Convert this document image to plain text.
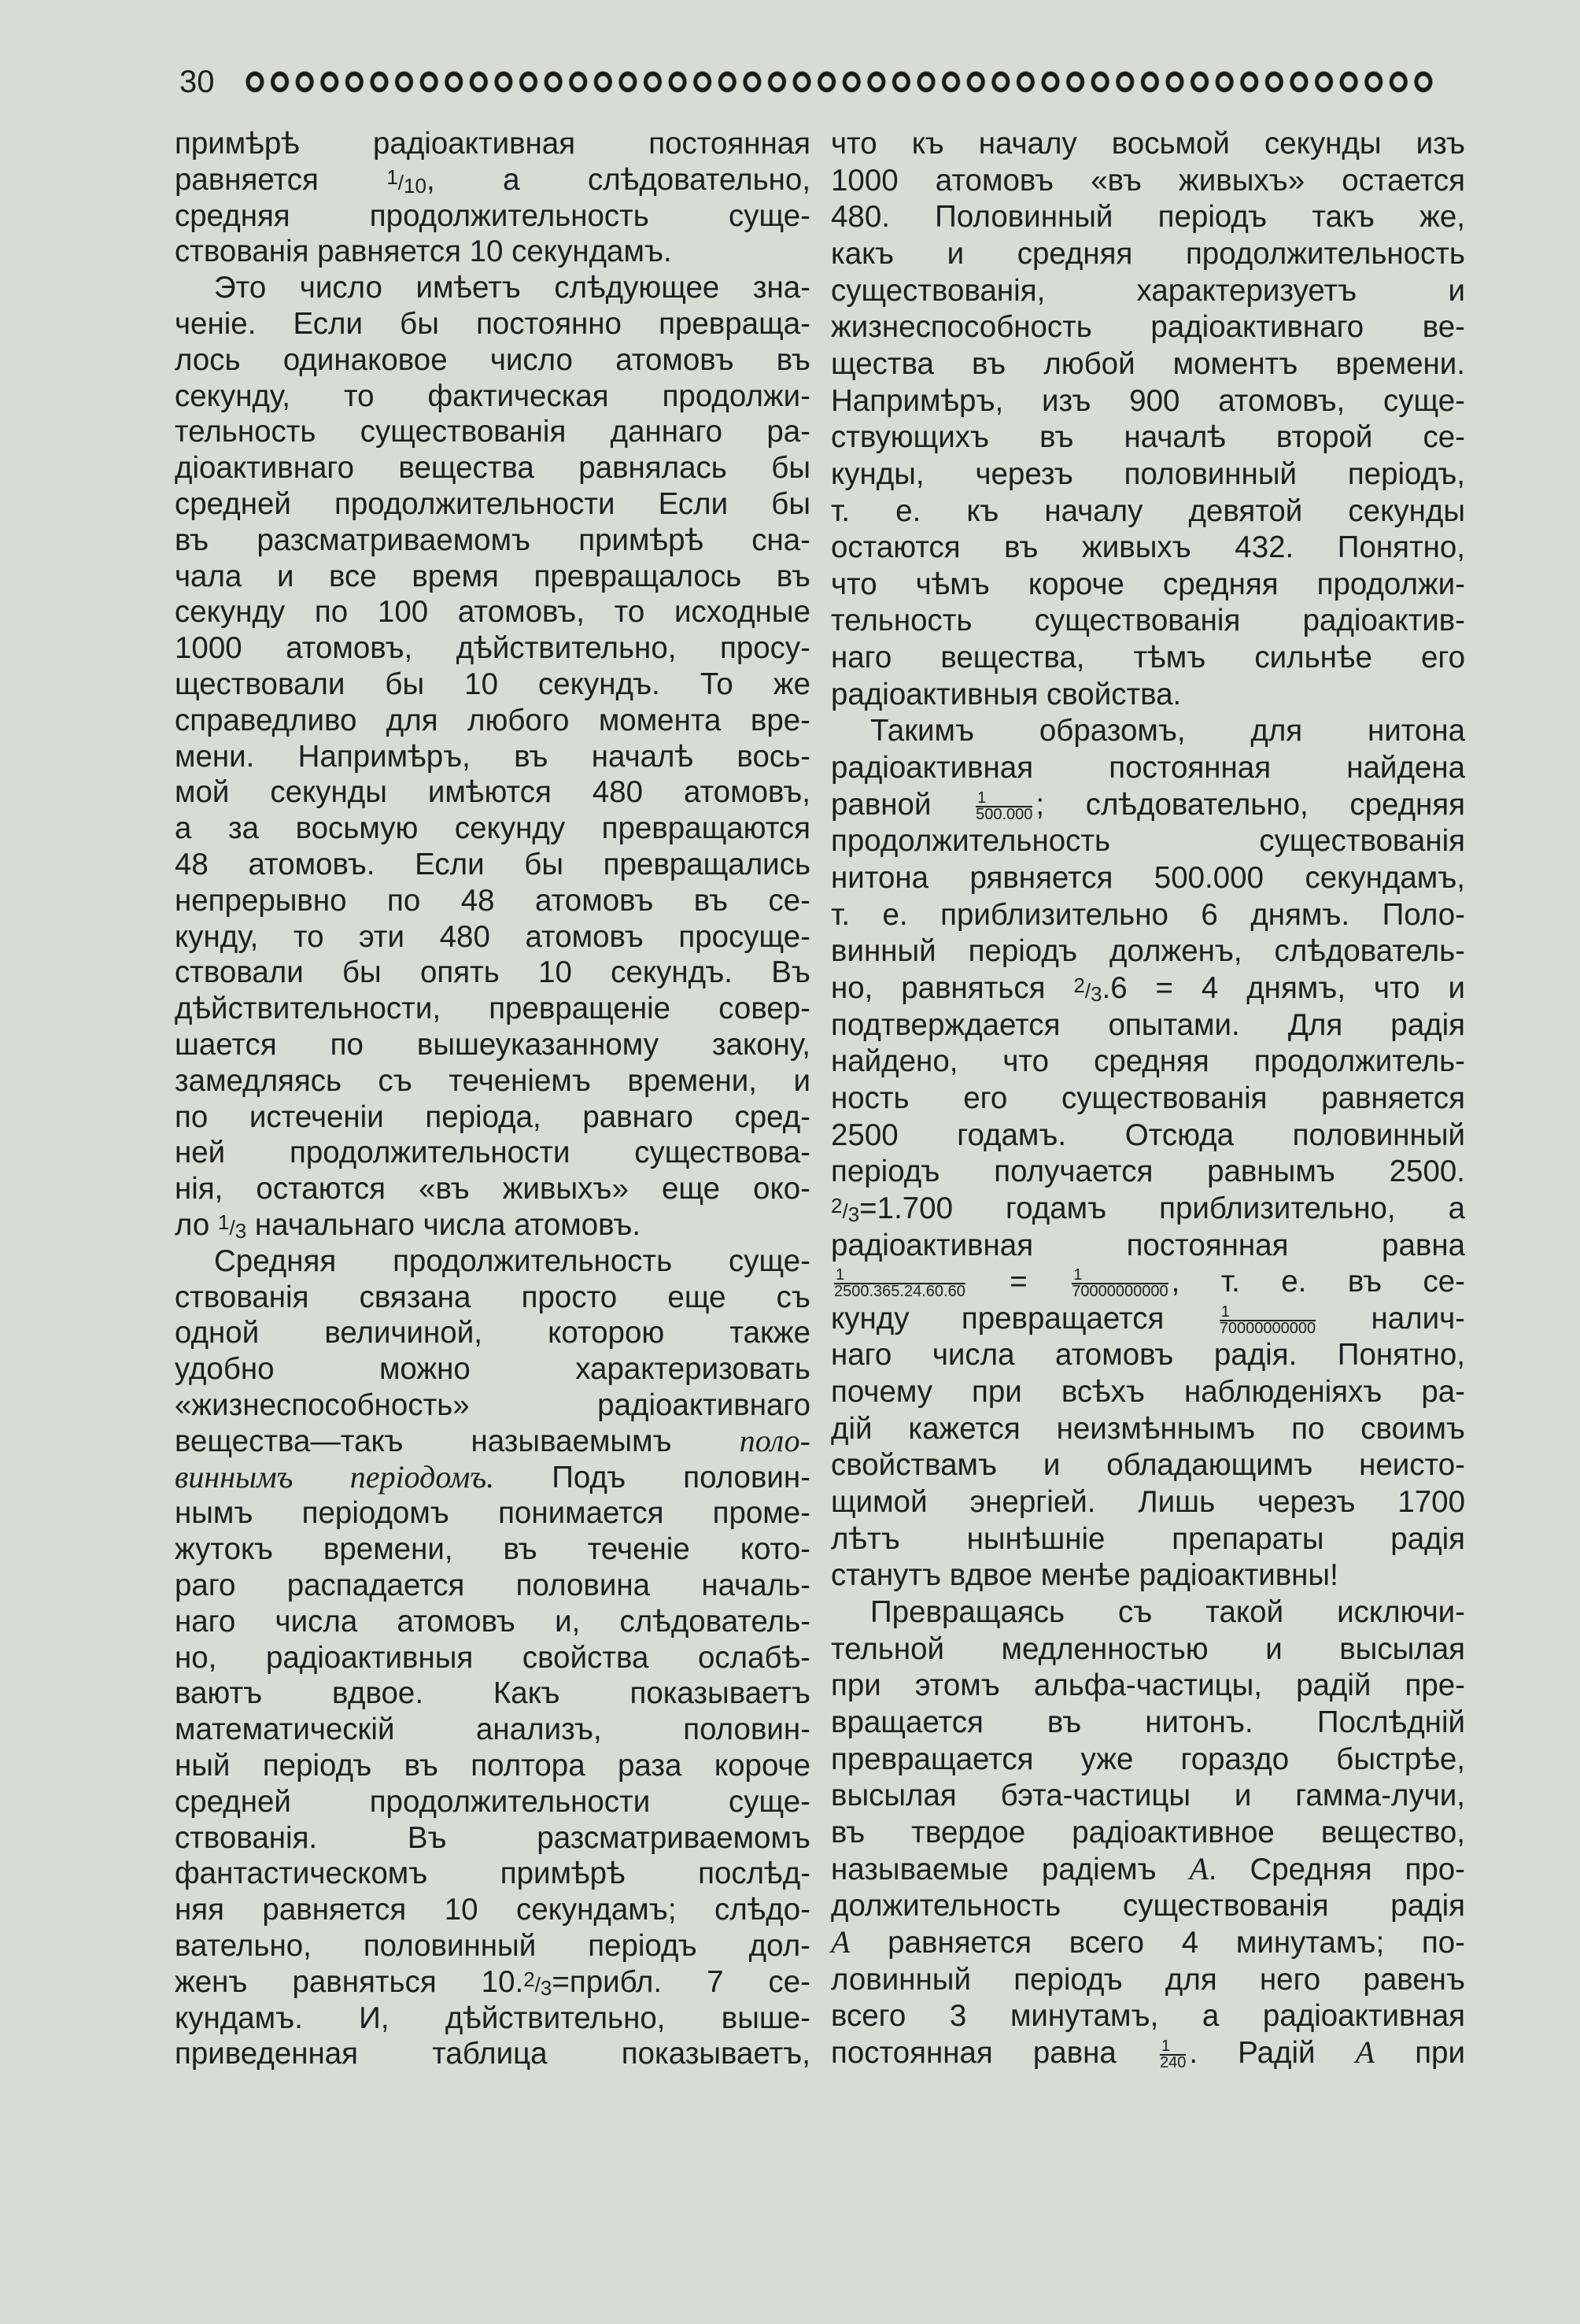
30
примѣрѣ радіоактивная постоянная
равняется 1/10, а слѣдовательно,
средняя продолжительность суще-
ствованія равняется 10 секундамъ.
Это число имѣетъ слѣдующее зна-
ченіе. Если бы постоянно превраща-
лось одинаковое число атомовъ въ
секунду, то фактическая продолжи-
тельность существованія даннаго ра-
діоактивнаго вещества равнялась бы
средней продолжительности Если бы
въ разсматриваемомъ примѣрѣ сна-
чала и все время превращалось въ
секунду по 100 атомовъ, то исходные
1000 атомовъ, дѣйствительно, просу-
ществовали бы 10 секундъ. То же
справедливо для любого момента вре-
мени. Напримѣръ, въ началѣ вось-
мой секунды имѣются 480 атомовъ,
а за восьмую секунду превращаются
48 атомовъ. Если бы превращались
непрерывно по 48 атомовъ въ се-
кунду, то эти 480 атомовъ просуще-
ствовали бы опять 10 секундъ. Въ
дѣйствительности, превращеніе совер-
шается по вышеуказанному закону,
замедляясь съ теченіемъ времени, и
по истеченіи періода, равнаго сред-
ней продолжительности существова-
нія, остаются «въ живыхъ» еще око-
ло 1/3 начальнаго числа атомовъ.
Средняя продолжительность суще-
ствованія связана просто еще съ
одной величиной, которою также
удобно можно характеризовать
«жизнеспособность» радіоактивнаго
вещества—такъ называемымъ поло-
виннымъ періодомъ. Подъ половин-
нымъ періодомъ понимается проме-
жутокъ времени, въ теченіе кото-
раго распадается половина началь-
наго числа атомовъ и, слѣдователь-
но, радіоактивныя свойства ослабѣ-
ваютъ вдвое. Какъ показываетъ
математическій анализъ, половин-
ный періодъ въ полтора раза короче
средней продолжительности суще-
ствованія. Въ разсматриваемомъ
фантастическомъ примѣрѣ послѣд-
няя равняется 10 секундамъ; слѣдо-
вательно, половинный періодъ дол-
женъ равняться 10.2/3=прибл. 7 се-
кундамъ. И, дѣйствительно, выше-
приведенная таблица показываетъ,
что къ началу восьмой секунды изъ
1000 атомовъ «въ живыхъ» остается
480. Половинный періодъ такъ же,
какъ и средняя продолжительность
существованія, характеризуетъ и
жизнеспособность радіоактивнаго ве-
щества въ любой моментъ времени.
Напримѣръ, изъ 900 атомовъ, суще-
ствующихъ въ началѣ второй се-
кунды, черезъ половинный періодъ,
т. е. къ началу девятой секунды
остаются въ живыхъ 432. Понятно,
что чѣмъ короче средняя продолжи-
тельность существованія радіоактив-
наго вещества, тѣмъ сильнѣе его
радіоактивныя свойства.
Такимъ образомъ, для нитона
радіоактивная постоянная найдена
равной $\frac{1}{500.000}$ ; слѣдовательно, средняя
продолжительность существованія
нитона рявняется 500.000 секундамъ,
т. е. приблизительно 6 днямъ. Поло-
винный періодъ долженъ, слѣдователь-
но, равняться 2/3.6 = 4 днямъ, что и
подтверждается опытами. Для радія
найдено, что средняя продолжитель-
ность его существованія равняется
2500 годамъ. Отсюда половинный
періодъ получается равнымъ 2500.
2/3=1.700 годамъ приблизительно, а
радіоактивная постоянная равна
$\frac{1}{2500.365.24.60.60} = \frac{1}{70000000000}$ , т. е. въ се-
кунду превращается $\frac{1}{70000000000}$ налич-
наго числа атомовъ радія. Понятно,
почему при всѣхъ наблюденіяхъ ра-
дій кажется неизмѣннымъ по своимъ
свойствамъ и обладающимъ неисто-
щимой энергіей. Лишь черезъ 1700
лѣтъ нынѣшніе препараты радія
станутъ вдвое менѣе радіоактивны!
Превращаясь съ такой исключи-
тельной медленностью и высылая
при этомъ альфа-частицы, радій пре-
вращается въ нитонъ. Послѣдній
превращается уже гораздо быстрѣе,
высылая бэта-частицы и гамма-лучи,
въ твердое радіоактивное вещество,
называемые радіемъ А. Средняя про-
должительность существованія радія
А равняется всего 4 минутамъ; по-
ловинный періодъ для него равенъ
всего 3 минутамъ, а радіоактивная
постоянная равна $\frac{1}{240}$ . Радій А при
